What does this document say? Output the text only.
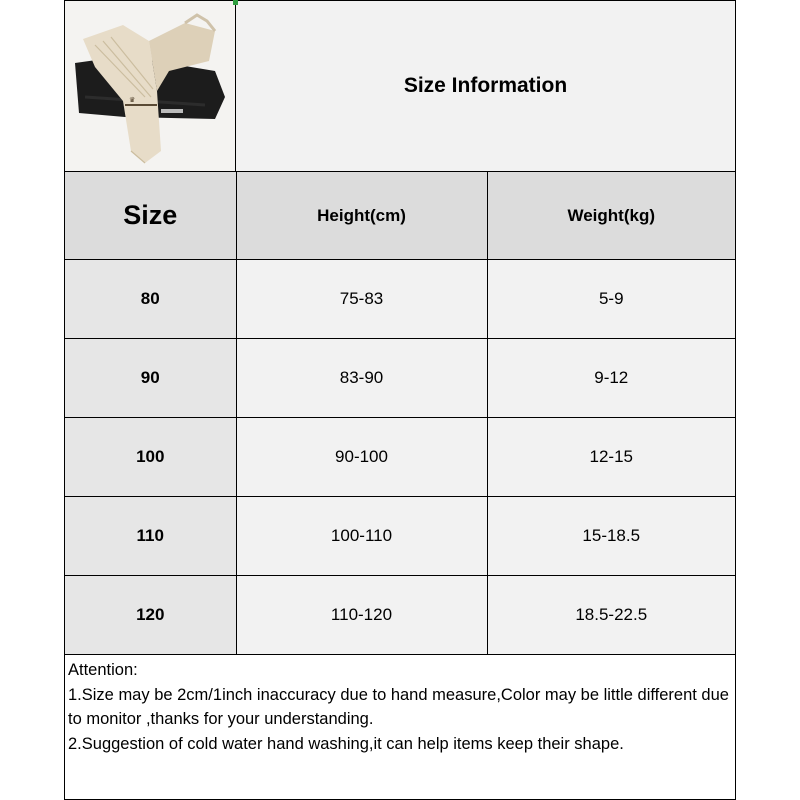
♛
Size Information
Size	Height(cm)	Weight(kg)
80	75-83	5-9
90	83-90	9-12
100	90-100	12-15
110	100-110	15-18.5
120	110-120	18.5-22.5
Attention:
1.Size may be 2cm/1inch inaccuracy due to hand measure,Color may be little different due to monitor ,thanks for your understanding.
2.Suggestion of cold water hand washing,it can help items keep their shape.
